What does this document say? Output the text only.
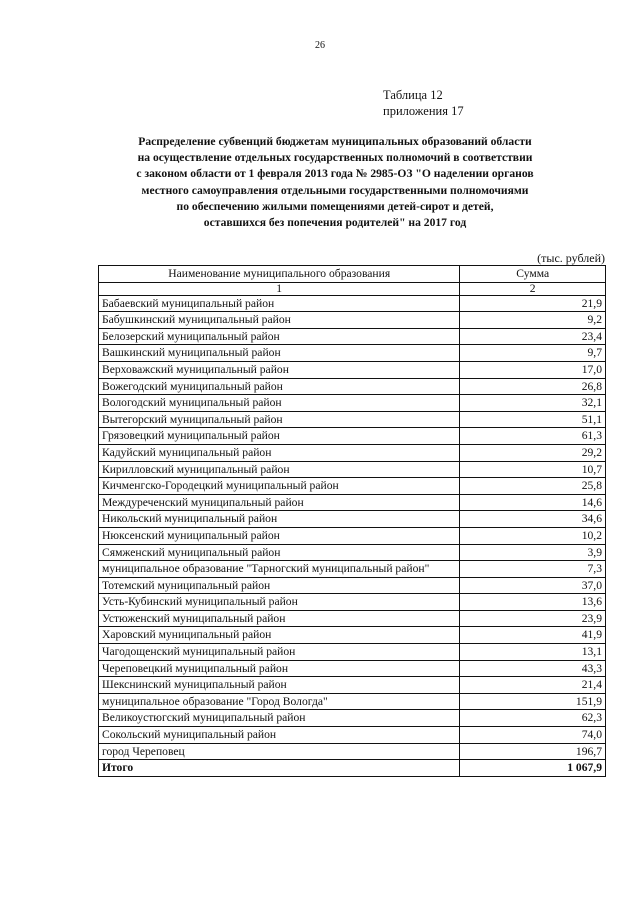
26
Таблица 12
приложения 17
Распределение субвенций бюджетам муниципальных образований области
на осуществление отдельных государственных полномочий в соответствии
с законом области от 1 февраля 2013 года № 2985-ОЗ "О наделении органов
местного самоуправления отдельными государственными полномочиями
по обеспечению жилыми помещениями детей-сирот и детей,
оставшихся без попечения родителей" на 2017 год
(тыс. рублей)
Наименование муниципального образования	Сумма
1	2
Бабаевский муниципальный район	21,9
Бабушкинский муниципальный район	9,2
Белозерский муниципальный район	23,4
Вашкинский муниципальный район	9,7
Верховажский муниципальный район	17,0
Вожегодский муниципальный район	26,8
Вологодский муниципальный район	32,1
Вытегорский муниципальный район	51,1
Грязовецкий муниципальный район	61,3
Кадуйский муниципальный район	29,2
Кирилловский муниципальный район	10,7
Кичменгско-Городецкий муниципальный район	25,8
Междуреченский муниципальный район	14,6
Никольский муниципальный район	34,6
Нюксенский муниципальный район	10,2
Сямженский муниципальный район	3,9
муниципальное образование "Тарногский муниципальный район"	7,3
Тотемский муниципальный район	37,0
Усть-Кубинский муниципальный район	13,6
Устюженский муниципальный район	23,9
Харовский муниципальный район	41,9
Чагодощенский муниципальный район	13,1
Череповецкий муниципальный район	43,3
Шекснинский муниципальный район	21,4
муниципальное образование "Город Вологда"	151,9
Великоустюгский муниципальный район	62,3
Сокольский муниципальный район	74,0
город Череповец	196,7
Итого	1 067,9
